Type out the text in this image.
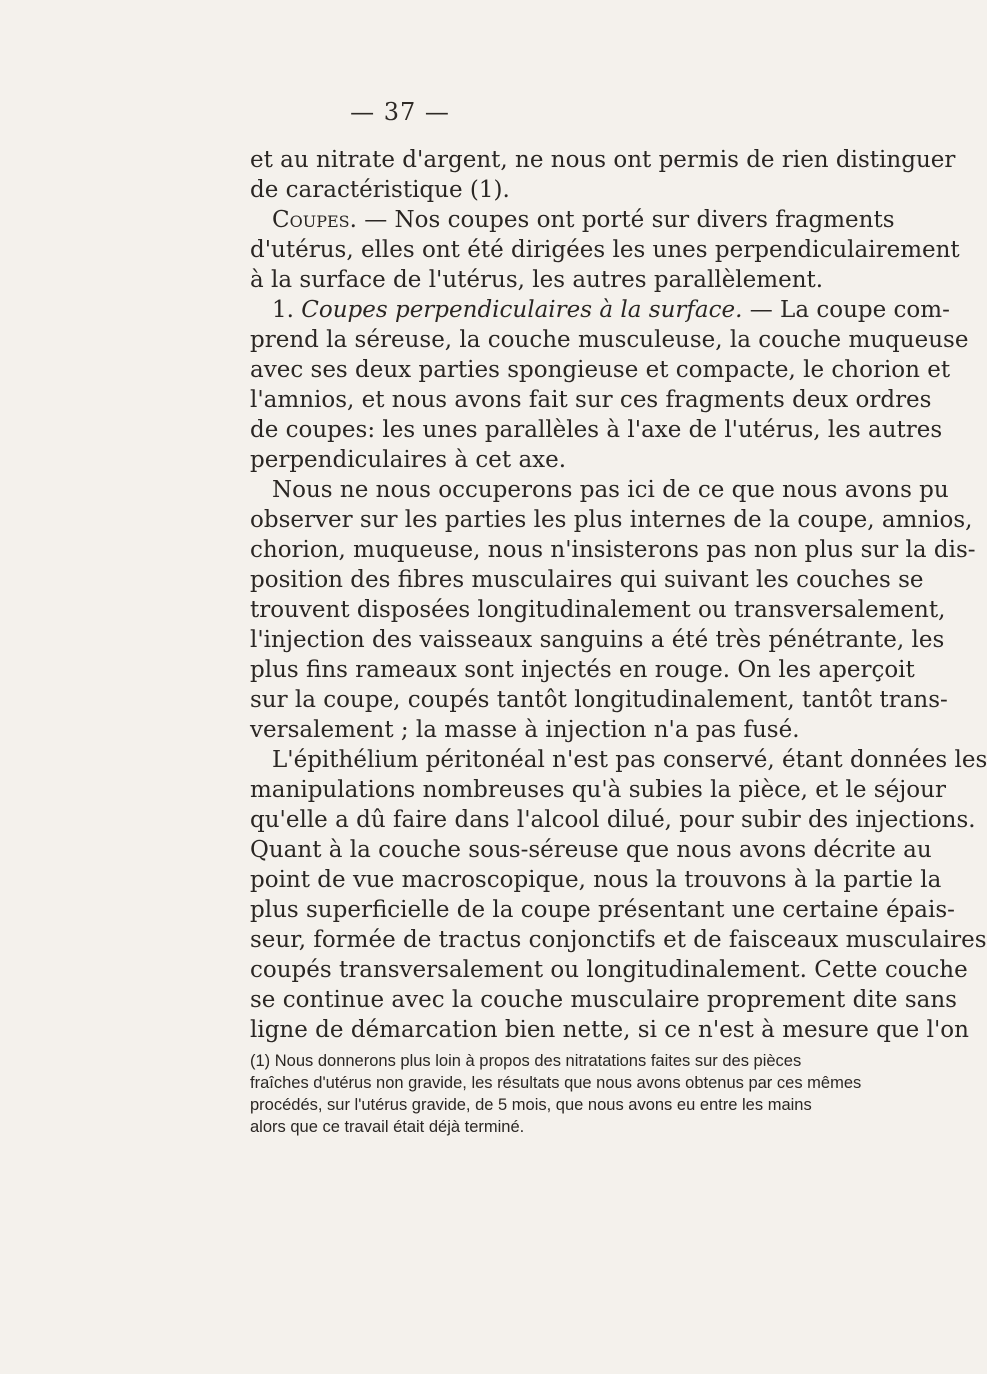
— 37 —
et au nitrate d'argent, ne nous ont permis de rien distinguer
de caractéristique (1).
Coupes. — Nos coupes ont porté sur divers fragments
d'utérus, elles ont été dirigées les unes perpendiculairement
à la surface de l'utérus, les autres parallèlement.
1. Coupes perpendiculaires à la surface. — La coupe com-
prend la séreuse, la couche musculeuse, la couche muqueuse
avec ses deux parties spongieuse et compacte, le chorion et
l'amnios, et nous avons fait sur ces fragments deux ordres
de coupes: les unes parallèles à l'axe de l'utérus, les autres
perpendiculaires à cet axe.
Nous ne nous occuperons pas ici de ce que nous avons pu
observer sur les parties les plus internes de la coupe, amnios,
chorion, muqueuse, nous n'insisterons pas non plus sur la dis-
position des fibres musculaires qui suivant les couches se
trouvent disposées longitudinalement ou transversalement,
l'injection des vaisseaux sanguins a été très pénétrante, les
plus fins rameaux sont injectés en rouge. On les aperçoit
sur la coupe, coupés tantôt longitudinalement, tantôt trans-
versalement ; la masse à injection n'a pas fusé.
L'épithélium péritonéal n'est pas conservé, étant données les
manipulations nombreuses qu'à subies la pièce, et le séjour
qu'elle a dû faire dans l'alcool dilué, pour subir des injections.
Quant à la couche sous-séreuse que nous avons décrite au
point de vue macroscopique, nous la trouvons à la partie la
plus superficielle de la coupe présentant une certaine épais-
seur, formée de tractus conjonctifs et de faisceaux musculaires
coupés transversalement ou longitudinalement. Cette couche
se continue avec la couche musculaire proprement dite sans
ligne de démarcation bien nette, si ce n'est à mesure que l'on
(1) Nous donnerons plus loin à propos des nitratations faites sur des pièces
fraîches d'utérus non gravide, les résultats que nous avons obtenus par ces mêmes
procédés, sur l'utérus gravide, de 5 mois, que nous avons eu entre les mains
alors que ce travail était déjà terminé.
